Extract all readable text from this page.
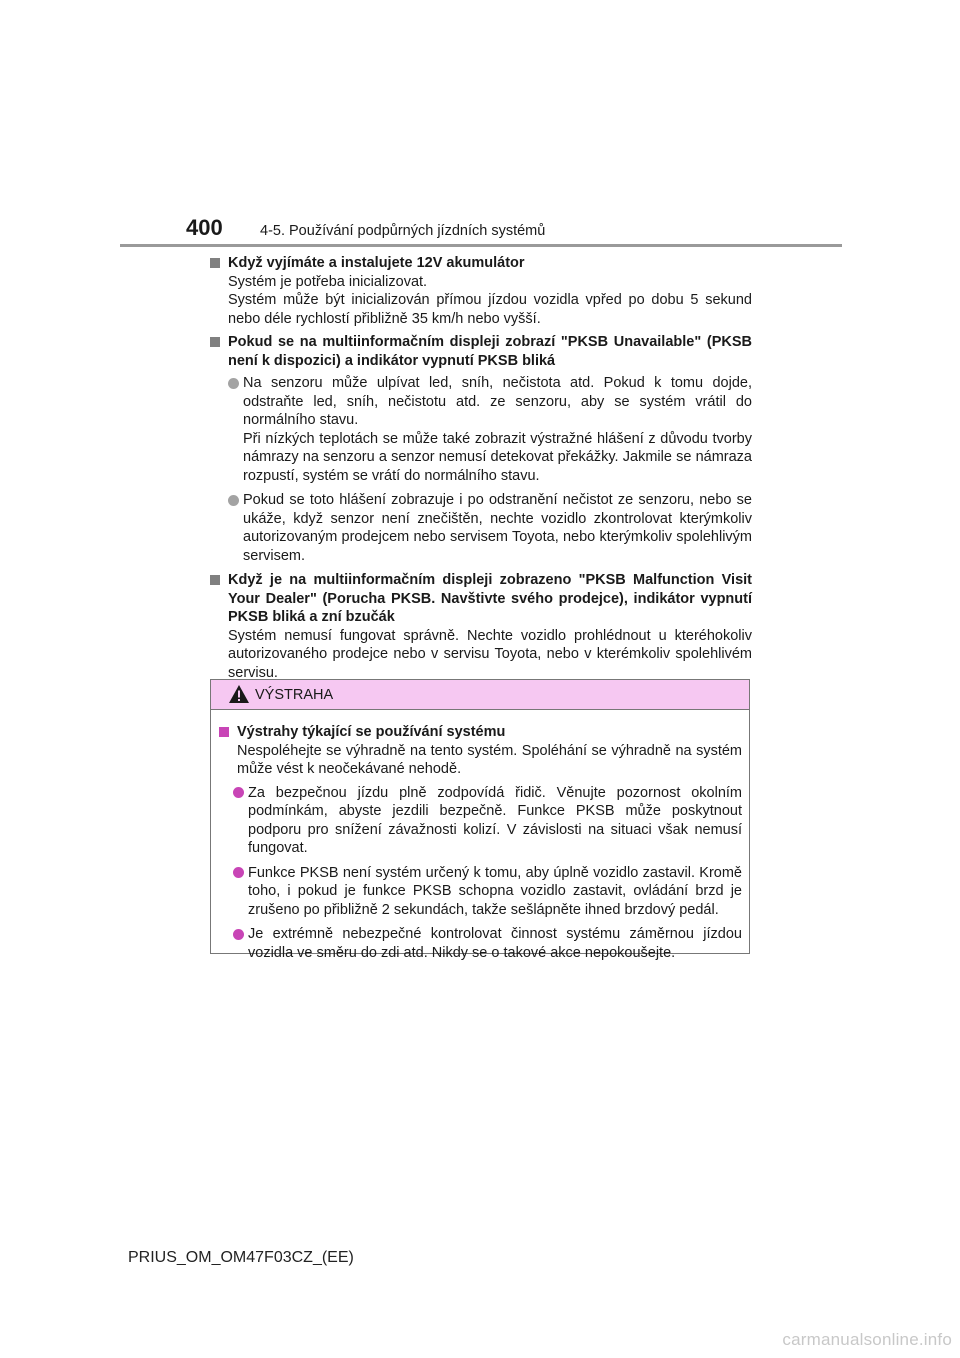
400	4-5. Používání podpůrných jízdních systémů
Když vyjímáte a instalujete 12V akumulátor

Systém je potřeba inicializovat.

Systém může být inicializován přímou jízdou vozidla vpřed po dobu 5 sekund nebo déle rychlostí přibližně 35 km/h nebo vyšší.

Pokud se na multiinformačním displeji zobrazí "PKSB Unavailable" (PKSB není k dispozici) a indikátor vypnutí PKSB bliká

Na senzoru může ulpívat led, sníh, nečistota atd. Pokud k tomu dojde, odstraňte led, sníh, nečistotu atd. ze senzoru, aby se systém vrátil do normálního stavu.

Při nízkých teplotách se může také zobrazit výstražné hlášení z důvodu tvorby námrazy na senzoru a senzor nemusí detekovat překážky. Jakmile se námraza rozpustí, systém se vrátí do normálního stavu.

Pokud se toto hlášení zobrazuje i po odstranění nečistot ze senzoru, nebo se ukáže, když senzor není znečištěn, nechte vozidlo zkontrolovat kterýmkoliv autorizovaným prodejcem nebo servisem Toyota, nebo kterýmkoliv spolehlivým servisem.

Když je na multiinformačním displeji zobrazeno "PKSB Malfunction Visit Your Dealer" (Porucha PKSB. Navštivte svého prodejce), indikátor vypnutí PKSB bliká a zní bzučák

Systém nemusí fungovat správně. Nechte vozidlo prohlédnout u kteréhokoliv autorizovaného prodejce nebo v servisu Toyota, nebo v kterémkoliv spolehlivém servisu.

VÝSTRAHA
Výstrahy týkající se používání systému

Nespoléhejte se výhradně na tento systém. Spoléhání se výhradně na systém může vést k neočekávané nehodě.

Za bezpečnou jízdu plně zodpovídá řidič. Věnujte pozornost okolním podmínkám, abyste jezdili bezpečně. Funkce PKSB může poskytnout podporu pro snížení závažnosti kolizí. V závislosti na situaci však nemusí fungovat.

Funkce PKSB není systém určený k tomu, aby úplně vozidlo zastavil. Kromě toho, i pokud je funkce PKSB schopna vozidlo zastavit, ovládání brzd je zrušeno po přibližně 2 sekundách, takže sešlápněte ihned brzdový pedál.

Je extrémně nebezpečné kontrolovat činnost systému záměrnou jízdou vozidla ve směru do zdi atd. Nikdy se o takové akce nepokoušejte.

PRIUS_OM_OM47F03CZ_(EE)
carmanualsonline.info
